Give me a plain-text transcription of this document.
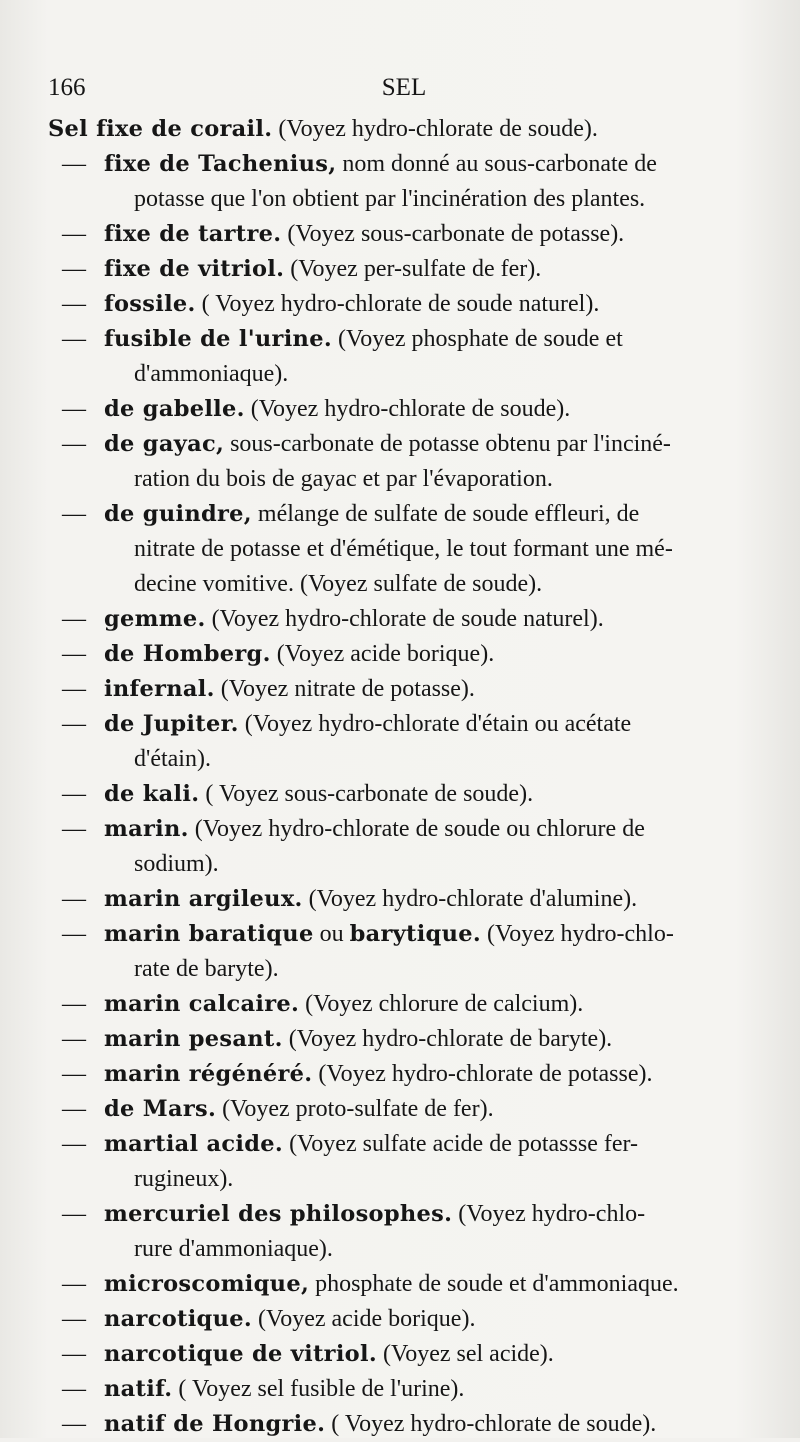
166	SEL
Sel fixe de corail. (Voyez hydro-chlorate de soude).
— fixe de Tachenius, nom donné au sous-carbonate de
potasse que l'on obtient par l'incinération des plantes.
— fixe de tartre. (Voyez sous-carbonate de potasse).
— fixe de vitriol. (Voyez per-sulfate de fer).
— fossile. ( Voyez hydro-chlorate de soude naturel).
— fusible de l'urine. (Voyez phosphate de soude et
d'ammoniaque).
— de gabelle. (Voyez hydro-chlorate de soude).
— de gayac, sous-carbonate de potasse obtenu par l'inciné-
ration du bois de gayac et par l'évaporation.
— de guindre, mélange de sulfate de soude effleuri, de
nitrate de potasse et d'émétique, le tout formant une mé-
decine vomitive. (Voyez sulfate de soude).
— gemme. (Voyez hydro-chlorate de soude naturel).
— de Homberg. (Voyez acide borique).
— infernal. (Voyez nitrate de potasse).
— de Jupiter. (Voyez hydro-chlorate d'étain ou acétate
d'étain).
— de kali. ( Voyez sous-carbonate de soude).
— marin. (Voyez hydro-chlorate de soude ou chlorure de
sodium).
— marin argileux. (Voyez hydro-chlorate d'alumine).
— marin baratique ou barytique. (Voyez hydro-chlo-
rate de baryte).
— marin calcaire. (Voyez chlorure de calcium).
— marin pesant. (Voyez hydro-chlorate de baryte).
— marin régénéré. (Voyez hydro-chlorate de potasse).
— de Mars. (Voyez proto-sulfate de fer).
— martial acide. (Voyez sulfate acide de potassse fer-
rugineux).
— mercuriel des philosophes. (Voyez hydro-chlo-
rure d'ammoniaque).
— microscomique, phosphate de soude et d'ammoniaque.
— narcotique. (Voyez acide borique).
— narcotique de vitriol. (Voyez sel acide).
— natif. ( Voyez sel fusible de l'urine).
— natif de Hongrie. ( Voyez hydro-chlorate de soude).
